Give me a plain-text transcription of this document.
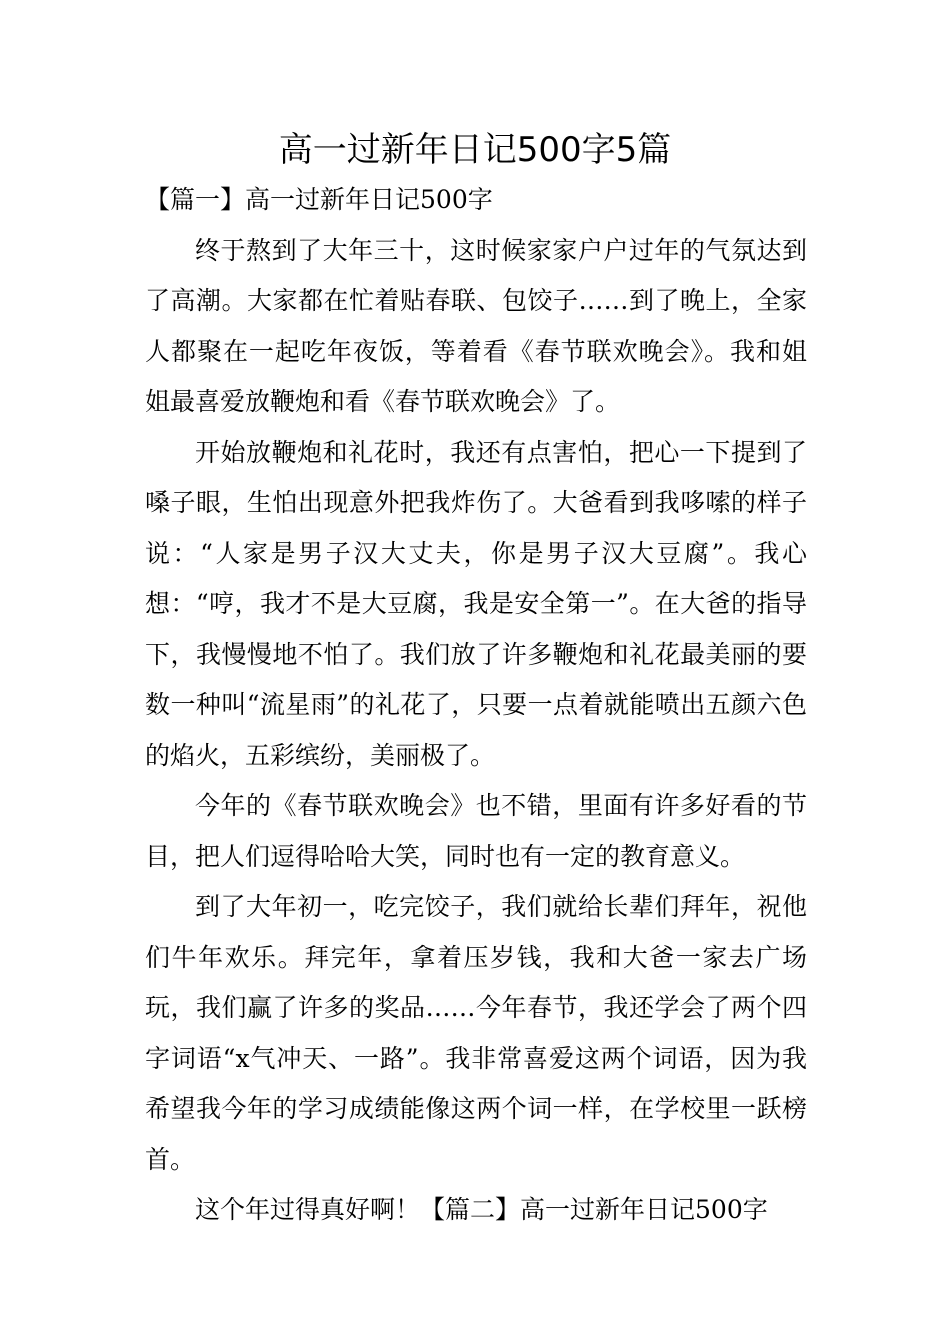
高一过新年日记500字5篇

【篇一】高一过新年日记500字

终于熬到了大年三十，这时候家家户户过年的气氛达到了高潮。大家都在忙着贴春联、包饺子……到了晚上，全家人都聚在一起吃年夜饭，等着看《春节联欢晚会》。我和姐姐最喜爱放鞭炮和看《春节联欢晚会》了。

开始放鞭炮和礼花时，我还有点害怕，把心一下提到了嗓子眼，生怕出现意外把我炸伤了。大爸看到我哆嗦的样子说：“人家是男子汉大丈夫，你是男子汉大豆腐”。我心想：“哼，我才不是大豆腐，我是安全第一”。在大爸的指导下，我慢慢地不怕了。我们放了许多鞭炮和礼花最美丽的要数一种叫“流星雨”的礼花了，只要一点着就能喷出五颜六色的焰火，五彩缤纷，美丽极了。

今年的《春节联欢晚会》也不错，里面有许多好看的节目，把人们逗得哈哈大笑，同时也有一定的教育意义。

到了大年初一，吃完饺子，我们就给长辈们拜年，祝他们牛年欢乐。拜完年，拿着压岁钱，我和大爸一家去广场玩，我们赢了许多的奖品……今年春节，我还学会了两个四字词语“x气冲天、一路”。我非常喜爱这两个词语，因为我希望我今年的学习成绩能像这两个词一样，在学校里一跃榜首。

这个年过得真好啊！【篇二】高一过新年日记500字
